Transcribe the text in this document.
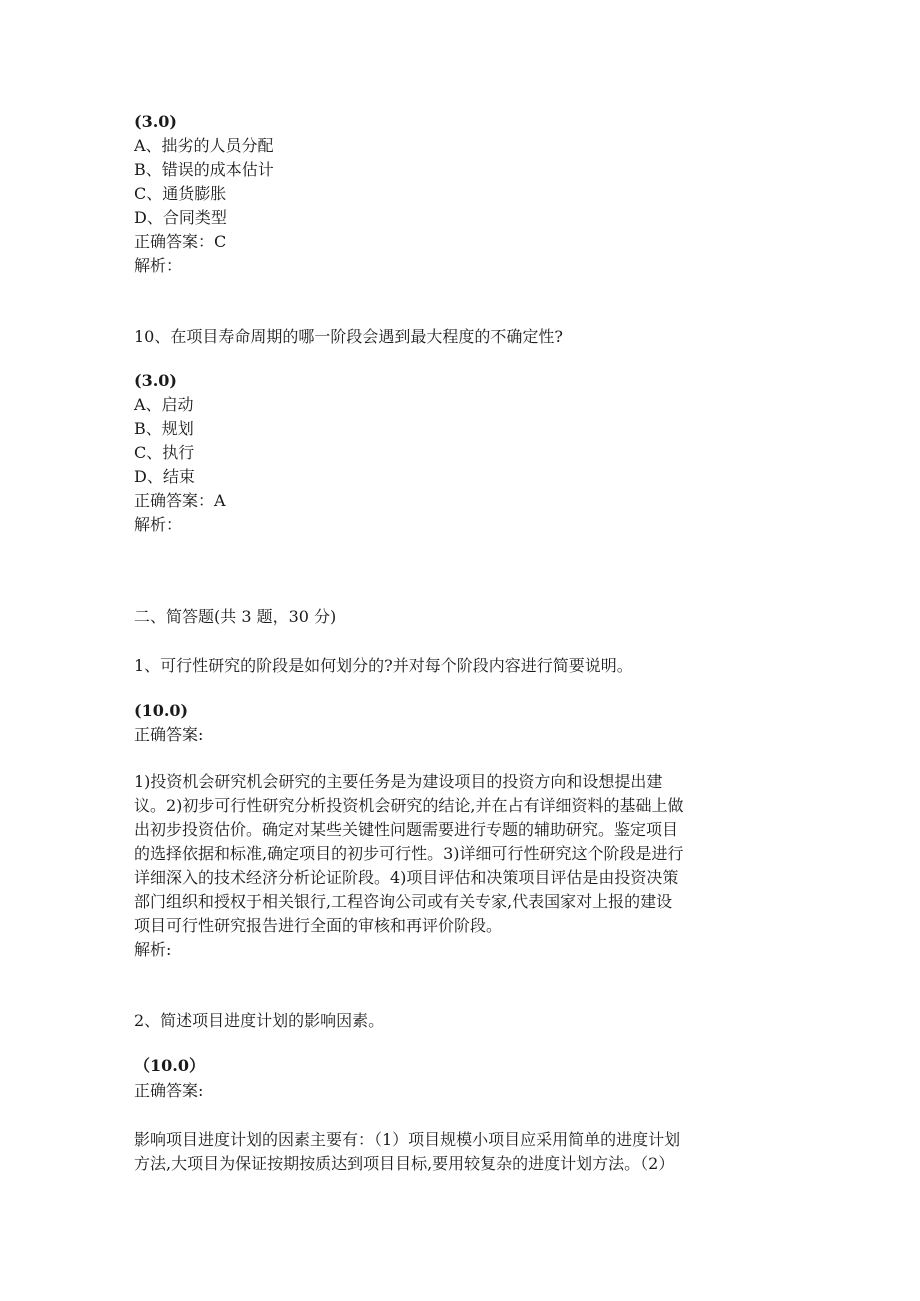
(3.0)
A、拙劣的人员分配
B、错误的成本估计
C、通货膨胀
D、合同类型
正确答案：C
解析：
10、在项目寿命周期的哪一阶段会遇到最大程度的不确定性?
(3.0)
A、启动
B、规划
C、执行
D、结束
正确答案：A
解析：
二、简答题(共 3 题，30 分)
1、可行性研究的阶段是如何划分的?并对每个阶段内容进行简要说明。
(10.0)
正确答案:
1)投资机会研究机会研究的主要任务是为建设项目的投资方向和设想提出建
议。2)初步可行性研究分析投资机会研究的结论,并在占有详细资料的基础上做
出初步投资估价。确定对某些关键性问题需要进行专题的辅助研究。鉴定项目
的选择依据和标准,确定项目的初步可行性。3)详细可行性研究这个阶段是进行
详细深入的技术经济分析论证阶段。4)项目评估和决策项目评估是由投资决策
部门组织和授权于相关银行,工程咨询公司或有关专家,代表国家对上报的建设
项目可行性研究报告进行全面的审核和再评价阶段。
解析:
2、简述项目进度计划的影响因素。
（10.0）
正确答案:
影响项目进度计划的因素主要有：（1）项目规模小项目应采用简单的进度计划
方法,大项目为保证按期按质达到项目目标,要用较复杂的进度计划方法。（2）
